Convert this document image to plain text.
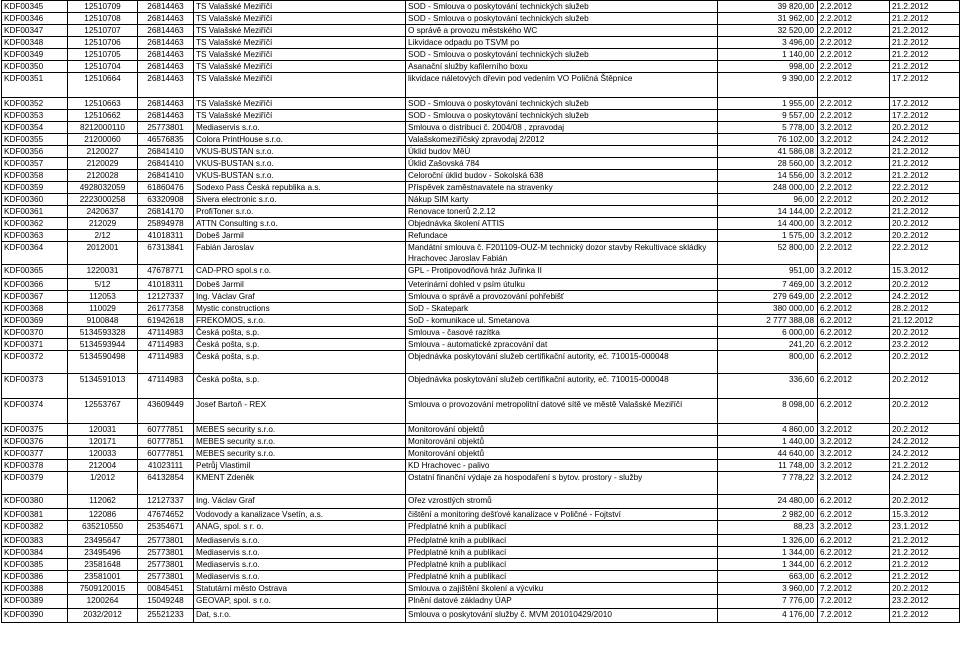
KDF00345	12510709	26814463	TS Valašské Meziříčí	SOD - Smlouva o poskytování technických služeb	39 820,00	2.2.2012	21.2.2012
KDF00346	12510708	26814463	TS Valašské Meziříčí	SOD - Smlouva o poskytování technických služeb	31 962,00	2.2.2012	21.2.2012
KDF00347	12510707	26814463	TS Valašské Meziříčí	O správě a provozu městského WC	32 520,00	2.2.2012	21.2.2012
KDF00348	12510706	26814463	TS Valašské Meziříčí	Likvidace odpadu po TSVM po	3 496,00	2.2.2012	21.2.2012
KDF00349	12510705	26814463	TS Valašské Meziříčí	SOD - Smlouva o poskytování technických služeb	1 140,00	2.2.2012	21.2.2012
KDF00350	12510704	26814463	TS Valašské Meziříčí	Asanační služby kafilerního boxu	998,00	2.2.2012	21.2.2012
KDF00351	12510664	26814463	TS Valašské Meziříčí	likvidace náletových dřevin pod vedením VO Poličná Štěpnice	9 390,00	2.2.2012	17.2.2012
KDF00352	12510663	26814463	TS Valašské Meziříčí	SOD - Smlouva o poskytování technických služeb	1 955,00	2.2.2012	17.2.2012
KDF00353	12510662	26814463	TS Valašské Meziříčí	SOD - Smlouva o poskytování technických služeb	9 557,00	2.2.2012	17.2.2012
KDF00354	8212000110	25773801	Mediaservis s.r.o.	Smlouva o distribuci č. 2004/08 , zpravodaj	5 778,00	3.2.2012	20.2.2012
KDF00355	21200060	46576835	Colora PrintHouse s.r.o.	Valašskomeziříčský zpravodaj 2/2012	76 102,00	3.2.2012	24.2.2012
KDF00356	2120027	26841410	VKUS-BUSTAN s.r.o.	Úklid budov MěÚ	41 586,08	3.2.2012	21.2.2012
KDF00357	2120029	26841410	VKUS-BUSTAN s.r.o.	Úklid Zašovská 784	28 560,00	3.2.2012	21.2.2012
KDF00358	2120028	26841410	VKUS-BUSTAN s.r.o.	Celoroční úklid budov - Sokolská 638	14 556,00	3.2.2012	21.2.2012
KDF00359	4928032059	61860476	Sodexo Pass Česká republika a.s.	Příspěvek zaměstnavatele na stravenky	248 000,00	2.2.2012	22.2.2012
KDF00360	2223000258	63320908	Sivera electronic s.r.o.	Nákup SIM karty	96,00	2.2.2012	20.2.2012
KDF00361	2420637	26814170	ProfiToner s.r.o.	Renovace tonerů 2.2.12	14 144,00	2.2.2012	21.2.2012
KDF00362	212029	25894978	ATTN Consulting s.r.o.	Objednávka školení ATTIS	14 400,00	3.2.2012	20.2.2012
KDF00363	2/12	41018311	Dobeš Jarmil	Refundace	1 575,00	3.2.2012	20.2.2012
KDF00364	2012001	67313841	Fabián Jaroslav	Mandátní smlouva č. F201109-OUZ-M technický dozor stavby Rekultivace skládky Hrachovec Jaroslav Fabián	52 800,00	2.2.2012	22.2.2012
KDF00365	1220031	47678771	CAD-PRO spol.s r.o.	GPL - Protipovodňová hráz Juřinka II	951,00	3.2.2012	15.3.2012
KDF00366	5/12	41018311	Dobeš Jarmil	Veterinární dohled v psím útulku	7 469,00	3.2.2012	20.2.2012
KDF00367	112053	12127337	Ing. Václav Graf	Smlouva o správě a provozování pohřebišť	279 649,00	2.2.2012	24.2.2012
KDF00368	110029	26177358	Mystic constructions	SoD - Skatepark	380 000,00	6.2.2012	28.2.2012
KDF00369	9100848	61942618	FREKOMOS, s.r.o.	SoD - komunikace ul. Smetanova	2 777 388,08	6.2.2012	21.12.2012
KDF00370	5134593328	47114983	Česká pošta, s.p.	Smlouva - časové razítka	6 000,00	6.2.2012	20.2.2012
KDF00371	5134593944	47114983	Česká pošta, s.p.	Smlouva - automatické zpracování dat	241,20	6.2.2012	23.2.2012
KDF00372	5134590498	47114983	Česká pošta, s.p.	Objednávka poskytování služeb certifikační autority, eč. 710015-000048	800,00	6.2.2012	20.2.2012
KDF00373	5134591013	47114983	Česká pošta, s.p.	Objednávka poskytování služeb certifikační autority, eč. 710015-000048	336,60	6.2.2012	20.2.2012
KDF00374	12553767	43609449	Josef Bartoň - REX	Smlouva o provozování metropolitní datové sítě ve městě Valašské Meziříčí	8 098,00	6.2.2012	20.2.2012
KDF00375	120031	60777851	MEBES security s.r.o.	Monitorování objektů	4 860,00	3.2.2012	20.2.2012
KDF00376	120171	60777851	MEBES security s.r.o.	Monitorování objektů	1 440,00	3.2.2012	24.2.2012
KDF00377	120033	60777851	MEBES security s.r.o.	Monitorování objektů	44 640,00	3.2.2012	24.2.2012
KDF00378	212004	41023111	Petrůj Vlastimil	KD Hrachovec - palivo	11 748,00	3.2.2012	21.2.2012
KDF00379	1/2012	64132854	KMENT Zdeněk	Ostatní finanční výdaje za hospodaření s bytov. prostory - služby	7 778,22	3.2.2012	24.2.2012
KDF00380	112062	12127337	Ing. Václav Graf	Ořez vzrostlých stromů	24 480,00	6.2.2012	20.2.2012
KDF00381	122086	47674652	Vodovody a kanalizace Vsetín, a.s.	čištění a monitoring dešťové kanalizace v Poličné - Fojtství	2 982,00	6.2.2012	15.3.2012
KDF00382	635210550	25354671	ANAG, spol. s r. o.	Předplatné knih a publikací	88,23	3.2.2012	23.1.2012
KDF00383	23495647	25773801	Mediaservis s.r.o.	Předplatné knih a publikací	1 326,00	6.2.2012	21.2.2012
KDF00384	23495496	25773801	Mediaservis s.r.o.	Předplatné knih a publikací	1 344,00	6.2.2012	21.2.2012
KDF00385	23581648	25773801	Mediaservis s.r.o.	Předplatné knih a publikací	1 344,00	6.2.2012	21.2.2012
KDF00386	23581001	25773801	Mediaservis s.r.o.	Předplatné knih a publikací	663,00	6.2.2012	21.2.2012
KDF00388	7509120015	00845451	Statutární město Ostrava	Smlouva o zajištění školení a výcviku	3 960,00	7.2.2012	20.2.2012
KDF00389	1200264	15049248	GEOVAP, spol. s r.o.	Plnění datové základny ÚAP	7 776,00	7.2.2012	23.2.2012
KDF00390	2032/2012	25521233	Dat, s.r.o.	Smlouva o poskytování služby č. MVM 201010429/2010	4 176,00	7.2.2012	21.2.2012
